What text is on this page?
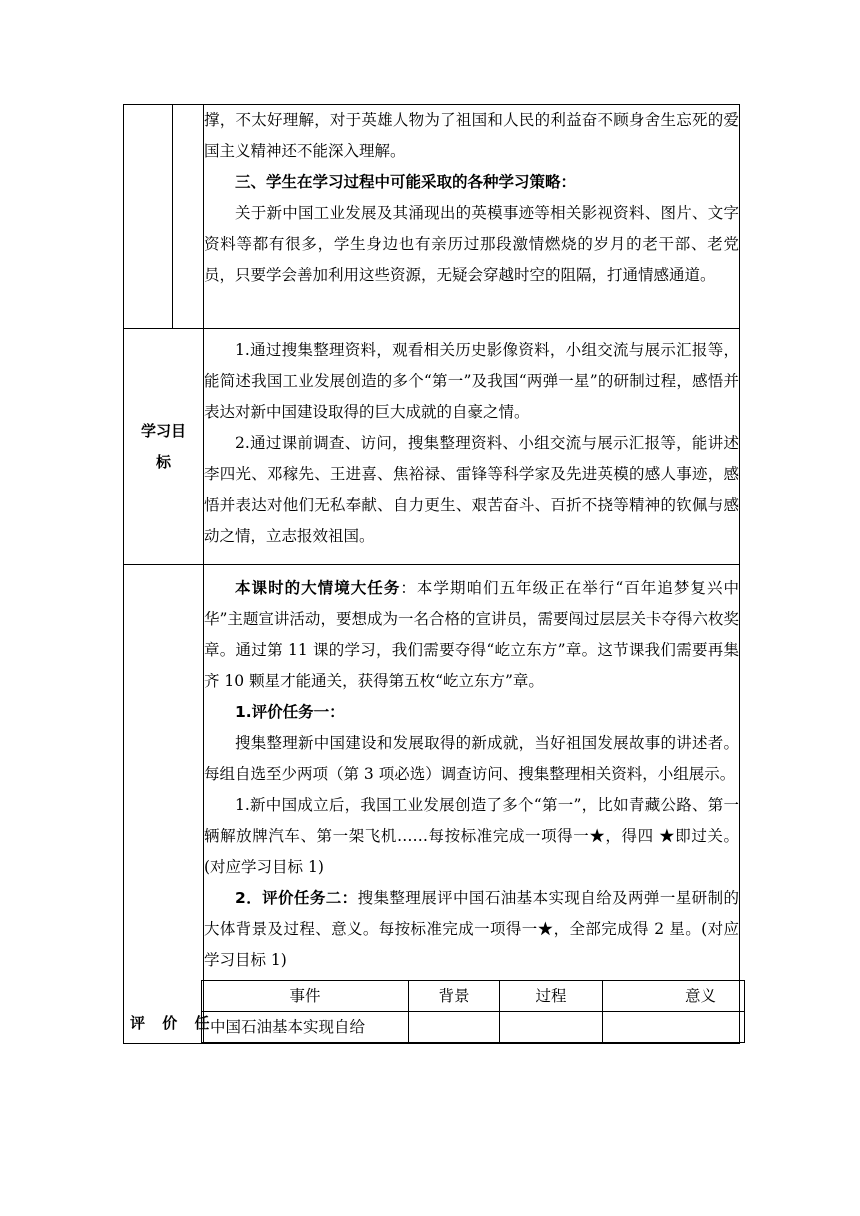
撑，不太好理解，对于英雄人物为了祖国和人民的利益奋不顾身舍生忘死的爱国主义精神还不能深入理解。

三、学生在学习过程中可能采取的各种学习策略：

关于新中国工业发展及其涌现出的英模事迹等相关影视资料、图片、文字资料等都有很多，学生身边也有亲历过那段激情燃烧的岁月的老干部、老党员，只要学会善加利用这些资源，无疑会穿越时空的阻隔，打通情感通道。

学习目标	

1.通过搜集整理资料，观看相关历史影像资料，小组交流与展示汇报等，能简述我国工业发展创造的多个“第一”及我国“两弹一星”的研制过程，感悟并表达对新中国建设取得的巨大成就的自豪之情。

2.通过课前调查、访问，搜集整理资料、小组交流与展示汇报等，能讲述李四光、邓稼先、王进喜、焦裕禄、雷锋等科学家及先进英模的感人事迹，感悟并表达对他们无私奉献、自力更生、艰苦奋斗、百折不挠等精神的钦佩与感动之情，立志报效祖国。

评 价 任	

本课时的大情境大任务：本学期咱们五年级正在举行“百年追梦复兴中华”主题宣讲活动，要想成为一名合格的宣讲员，需要闯过层层关卡夺得六枚奖章。通过第 11 课的学习，我们需要夺得“屹立东方”章。这节课我们需要再集齐 10 颗星才能通关，获得第五枚“屹立东方”章。

1.评价任务一：

搜集整理新中国建设和发展取得的新成就，当好祖国发展故事的讲述者。每组自选至少两项（第 3 项必选）调查访问、搜集整理相关资料，小组展示。

1.新中国成立后，我国工业发展创造了多个“第一”，比如青藏公路、第一辆解放牌汽车、第一架飞机……每按标准完成一项得一★，得四 ★即过关。(对应学习目标 1)

2．评价任务二：搜集整理展评中国石油基本实现自给及两弹一星研制的大体背景及过程、意义。每按标准完成一项得一★，全部完成得 2 星。(对应学习目标 1)

事件	背景	过程	意义
中国石油基本实现自给			
